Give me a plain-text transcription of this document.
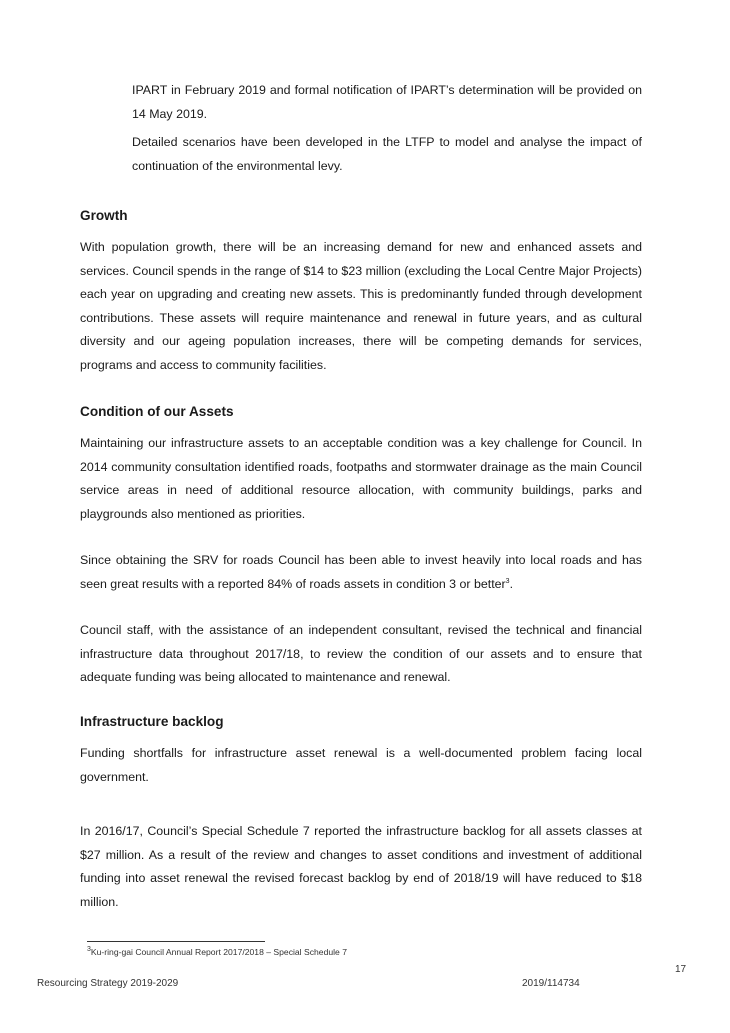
IPART in February 2019 and formal notification of IPART’s determination will be provided on 14 May 2019.
Detailed scenarios have been developed in the LTFP to model and analyse the impact of continuation of the environmental levy.
Growth
With population growth, there will be an increasing demand for new and enhanced assets and services. Council spends in the range of $14 to $23 million (excluding the Local Centre Major Projects) each year on upgrading and creating new assets. This is predominantly funded through development contributions. These assets will require maintenance and renewal in future years, and as cultural diversity and our ageing population increases, there will be competing demands for services, programs and access to community facilities.
Condition of our Assets
Maintaining our infrastructure assets to an acceptable condition was a key challenge for Council. In 2014 community consultation identified roads, footpaths and stormwater drainage as the main Council service areas in need of additional resource allocation, with community buildings, parks and playgrounds also mentioned as priorities.
Since obtaining the SRV for roads Council has been able to invest heavily into local roads and has seen great results with a reported 84% of roads assets in condition 3 or better$^3$.
Council staff, with the assistance of an independent consultant, revised the technical and financial infrastructure data throughout 2017/18, to review the condition of our assets and to ensure that adequate funding was being allocated to maintenance and renewal.
Infrastructure backlog
Funding shortfalls for infrastructure asset renewal is a well-documented problem facing local government.
In 2016/17, Council’s Special Schedule 7 reported the infrastructure backlog for all assets classes at $27 million. As a result of the review and changes to asset conditions and investment of additional funding into asset renewal the revised forecast backlog by end of 2018/19 will have reduced to $18 million.
$^3$Ku-ring-gai Council Annual Report 2017/2018 – Special Schedule 7
17
Resourcing Strategy 2019-2029	2019/114734
